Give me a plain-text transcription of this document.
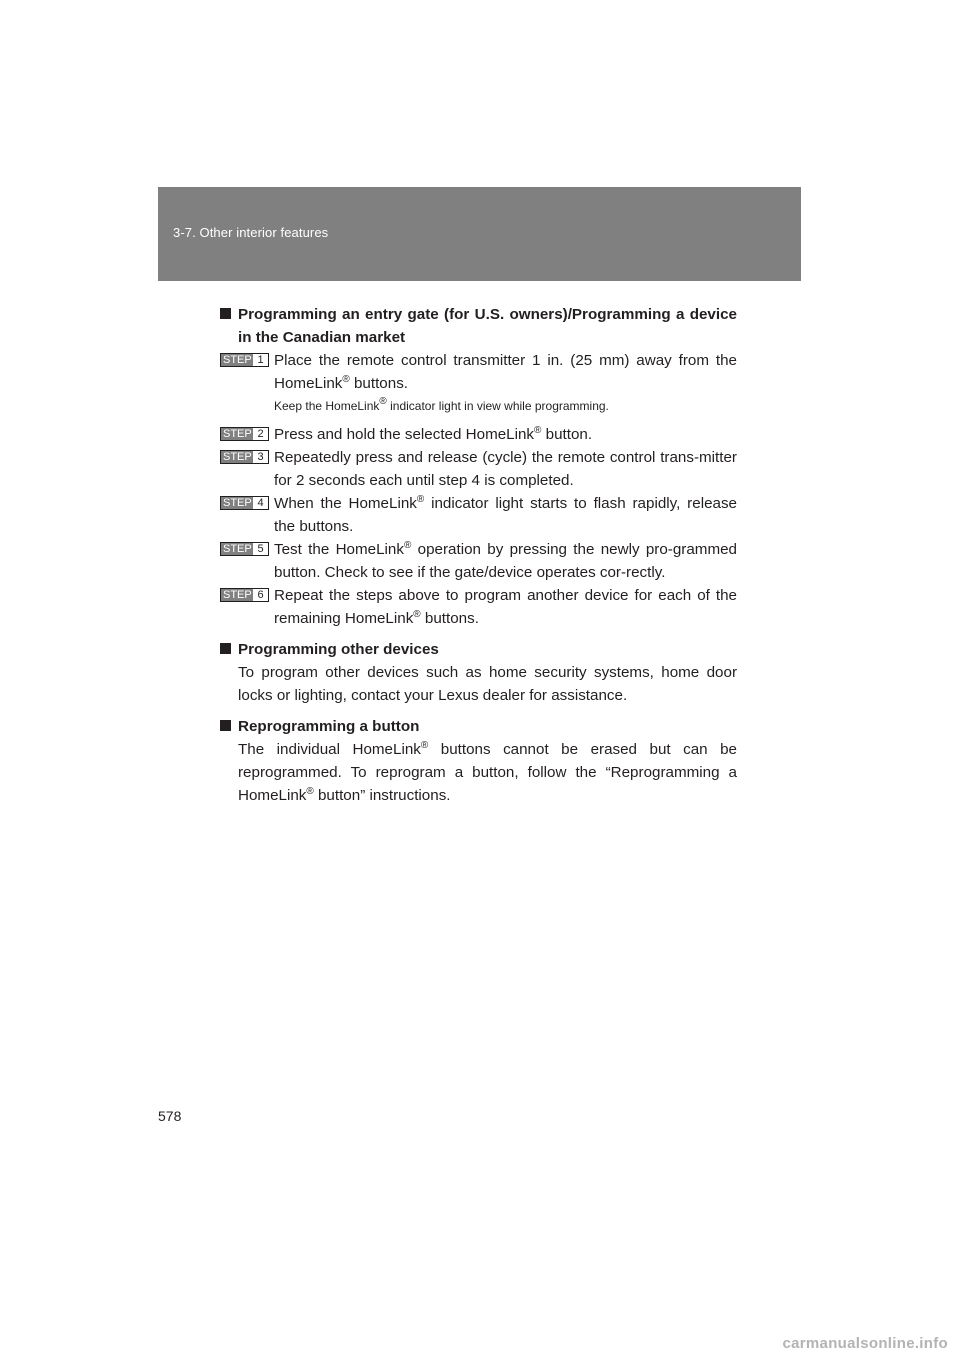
3-7. Other interior features
Programming an entry gate (for U.S. owners)/Programming a device in the Canadian market
STEP 1 Place the remote control transmitter 1 in. (25 mm) away from the HomeLink® buttons.
Keep the HomeLink® indicator light in view while programming.
STEP 2 Press and hold the selected HomeLink® button.
STEP 3 Repeatedly press and release (cycle) the remote control trans-mitter for 2 seconds each until step 4 is completed.
STEP 4 When the HomeLink® indicator light starts to flash rapidly, release the buttons.
STEP 5 Test the HomeLink® operation by pressing the newly pro-grammed button. Check to see if the gate/device operates cor-rectly.
STEP 6 Repeat the steps above to program another device for each of the remaining HomeLink® buttons.
Programming other devices
To program other devices such as home security systems, home door locks or lighting, contact your Lexus dealer for assistance.
Reprogramming a button
The individual HomeLink® buttons cannot be erased but can be reprogrammed. To reprogram a button, follow the “Reprogramming a HomeLink® button” instructions.
578
carmanualsonline.info
